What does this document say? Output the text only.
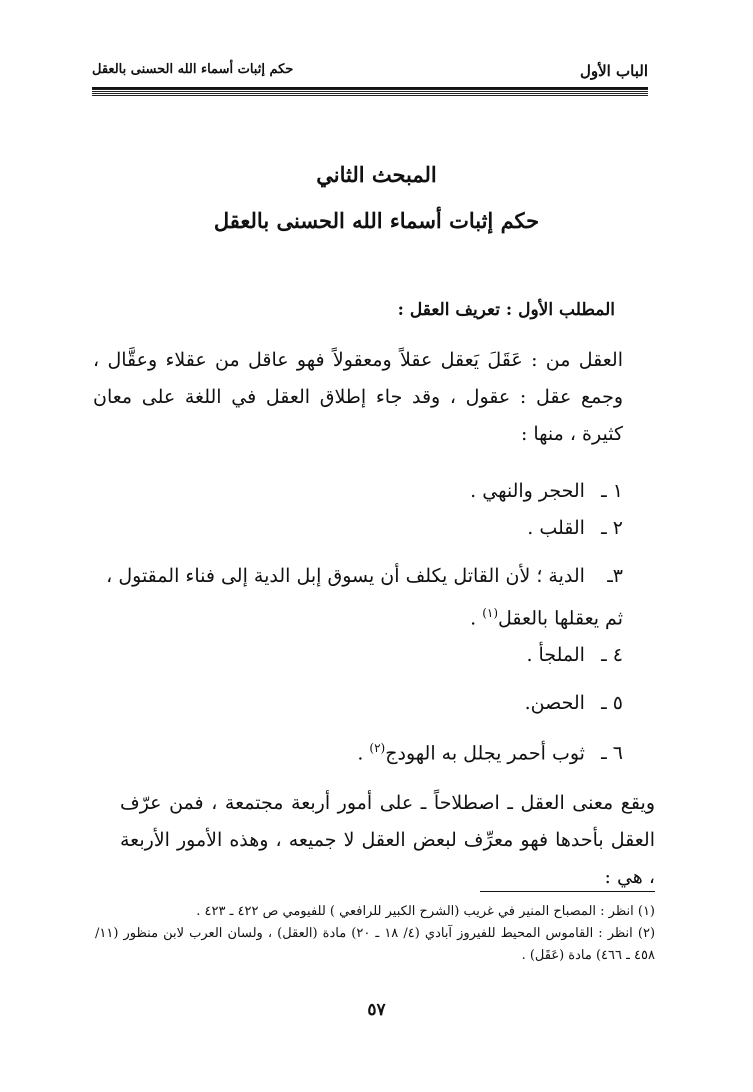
الباب الأول
حكم إثبات أسماء الله الحسنى بالعقل
المبحث الثاني
حكم إثبات أسماء الله الحسنى بالعقل
المطلب الأول : تعريف العقل :
العقل من : عَقَلَ يَعقل عقلاً ومعقولاً فهو عاقل من عقلاء وعقَّال ، وجمع عقل : عقول ، وقد جاء إطلاق العقل في اللغة على معان كثيرة ، منها :
١ ـ الحجر والنهي .
٢ ـ القلب .
٣ـ الدية ؛ لأن القاتل يكلف أن يسوق إبل الدية إلى فناء المقتول ، ثم يعقلها بالعقل$^{(١)}$ .
٤ ـ الملجأ .
٥ ـ الحصن.
٦ ـ ثوب أحمر يجلل به الهودج$^{(٢)}$ .
ويقع معنى العقل ـ اصطلاحاً ـ على أمور أربعة مجتمعة ، فمن عرّف العقل بأحدها فهو معرِّف لبعض العقل لا جميعه ، وهذه الأمور الأربعة ، هي :

(١) انظر : المصباح المنير في غريب (الشرح الكبير للرافعي ) للفيومي ص ٤٢٢ ـ ٤٢٣ .

(٢) انظر : القاموس المحيط للفيروز آبادي (٤/ ١٨ ـ ٢٠) مادة (العقل) ، ولسان العرب لابن منظور (١١/ ٤٥٨ ـ ٤٦٦) مادة (عَقَل) .

٥٧
